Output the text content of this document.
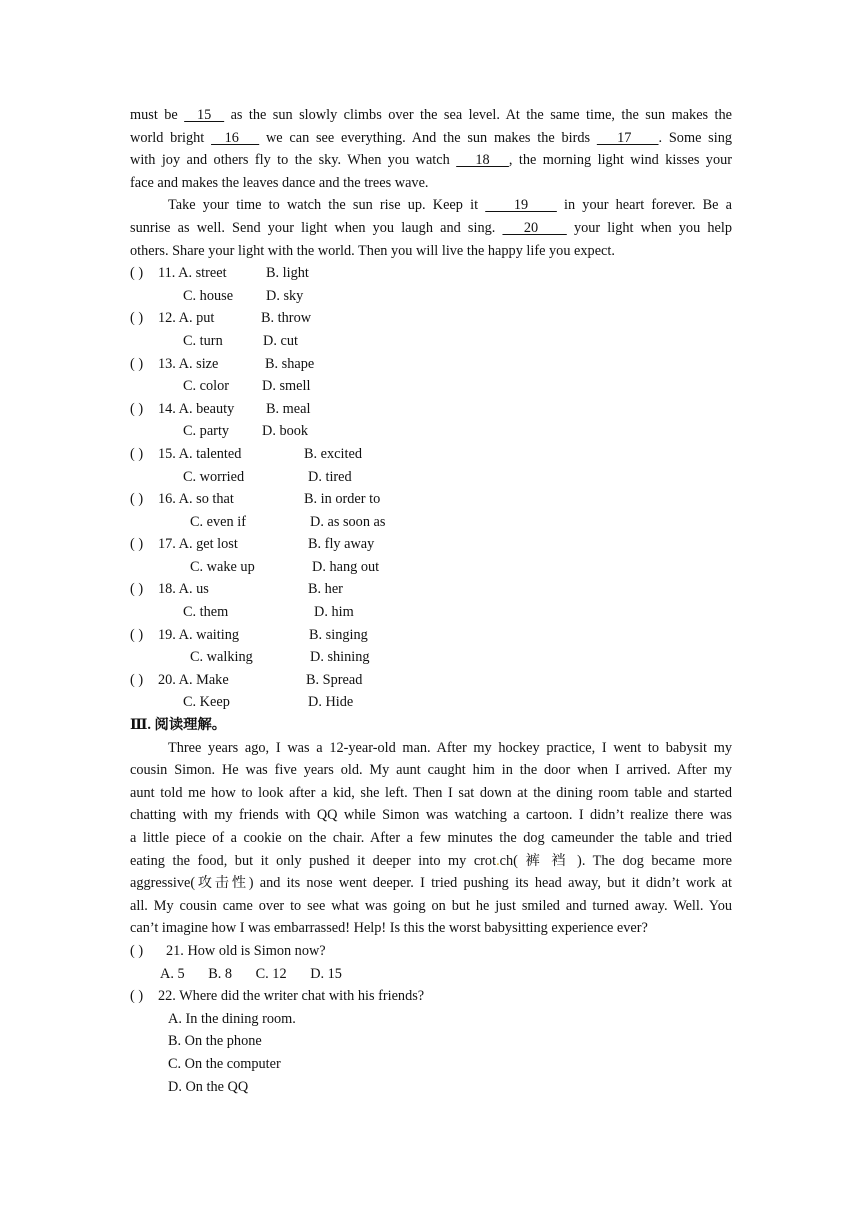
must be   15   as the sun slowly climbs over the sea level. At the same time, the sun makes the
world bright   16    we can see everything. And the sun makes the birds    17    . Some sing
with joy and others fly to the sky. When you watch    18   , the morning light wind kisses your
face and makes the leaves dance and the trees wave.
Take your time to watch the sun rise up. Keep it     19     in your heart forever. Be a
sunrise as well. Send your light when you laugh and sing.    20     your light when you help
others. Share your light with the world. Then you will live the happy life you expect.
( ) 11. A. street	B. light
C. house D. sky
( ) 12. A. put	B. throw
C. turn	D. cut
( ) 13. A. size	B. shape
C. color D. smell
( ) 14. A. beauty B. meal
C. party D. book
( ) 15. A. talented	B. excited
C. worried	D. tired
( ) 16. A. so that	B. in order to
C. even if	D. as soon as
( ) 17. A. get lost	B. fly away
C. wake up	D. hang out
( ) 18. A. us	B. her
C. them	D. him
( ) 19. A. waiting	B. singing
C. walking	D. shining
( ) 20. A. Make	B. Spread
C. Keep	D. Hide
Ⅲ. 阅读理解。
Three years ago, I was a 12-year-old man. After my hockey practice, I went to babysit my
cousin Simon. He was five years old. My aunt caught him in the door when I arrived. After my
aunt told me how to look after a kid, she left. Then I sat down at the dining room table and started
chatting with my friends with QQ while Simon was watching a cartoon. I didn’t realize there was
a little piece of a cookie on the chair. After a few minutes the dog cameunder the table and tried
eating the food, but it only pushed it deeper into my crot.ch( 裤 裆 ). The dog became more
aggressive(攻击性) and its nose went deeper. I tried pushing its head away, but it didn’t work at
all. My cousin came over to see what was going on but he just smiled and turned away. Well. You
can’t imagine how I was embarrassed! Help! Is this the worst babysitting experience ever?
( ) 21. How old is Simon now?
A. 5 B. 8 C. 12 D. 15
( ) 22. Where did the writer chat with his friends?
A. In the dining room.
B. On the phone
C. On the computer
D. On the QQ
